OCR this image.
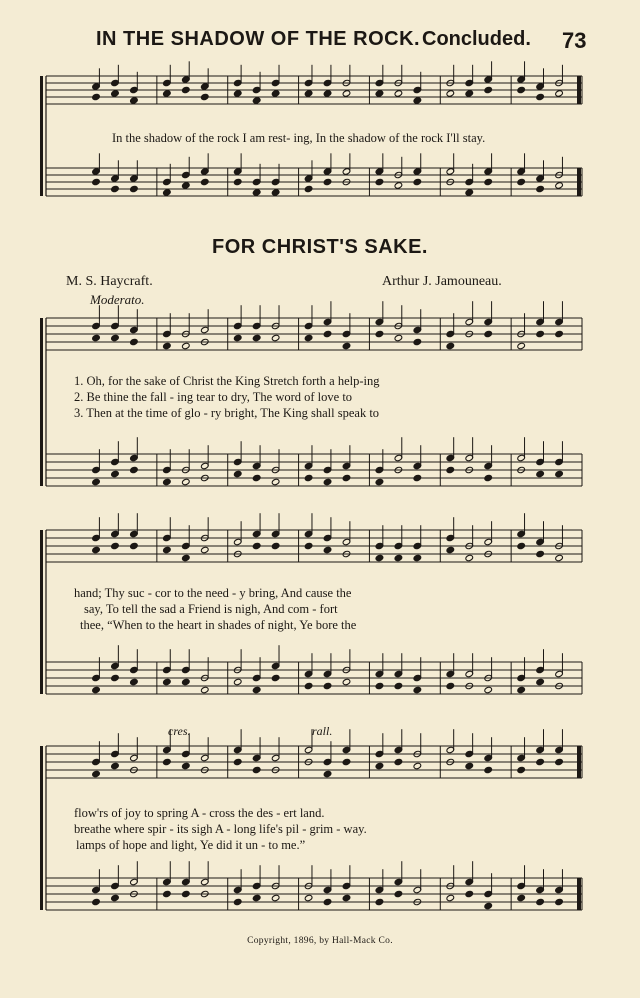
IN THE SHADOW OF THE ROCK. Concluded. 73
In the shadow of the rock I am rest- ing, In the shadow of the rock I'll stay.
FOR CHRIST'S SAKE.
M. S. Haycraft.	Arthur J. Jamouneau.
Moderato.
1. Oh, for the sake of Christ the King Stretch forth a help-ing
2. Be thine the fall - ing tear to dry, The word of love to
3. Then at the time of glo - ry bright, The King shall speak to
hand; Thy suc - cor to the need - y bring, And cause the
say, To tell the sad a Friend is nigh, And com - fort
thee, “When to the heart in shades of night, Ye bore the
cres.	rall.
flow'rs of joy to spring A - cross the des - ert land.
breathe where spir - its sigh A - long life's pil - grim - way.
lamps of hope and light, Ye did it un - to me.”
Copyright, 1896, by Hall-Mack Co.
